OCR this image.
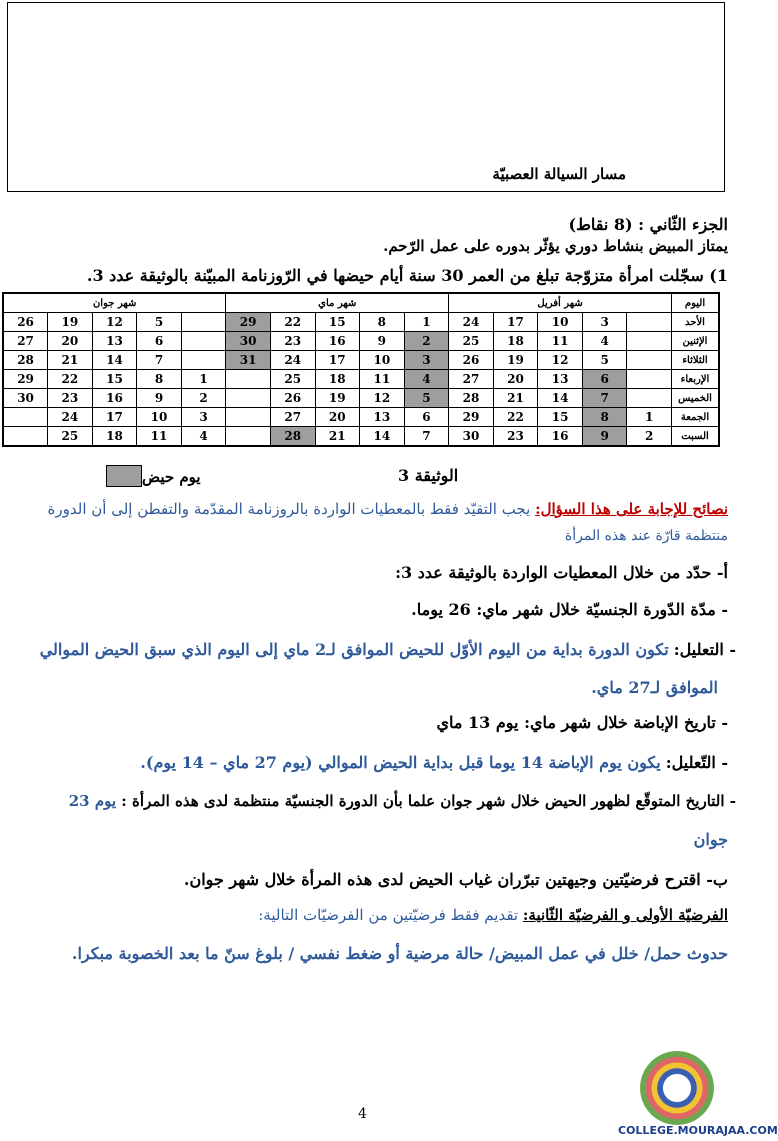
مسار السيالة العصبيّة
الجزء الثّاني : (8 نقاط)
يمتاز المبيض بنشاط دوري يؤثّر بدوره على عمل الرّحم.
1) سجّلت امرأة متزوّجة تبلغ من العمر 30 سنة أيام حيضها في الرّوزنامة المبيّنة بالوثيقة عدد 3.
اليوم	شهر أفريل					شهر ماي					شهر جوان				
الأحد		3	10	17	24	1	8	15	22	29		5	12	19	26
الإثنين		4	11	18	25	2	9	16	23	30		6	13	20	27
الثلاثاء		5	12	19	26	3	10	17	24	31		7	14	21	28
الإربعاء		6	13	20	27	4	11	18	25		1	8	15	22	29
الخميس		7	14	21	28	5	12	19	26		2	9	16	23	30
الجمعة	1	8	15	22	29	6	13	20	27		3	10	17	24	
السبت	2	9	16	23	30	7	14	21	28		4	11	18	25	
الوثيقة 3
يوم حيض
نصائح للإجابة على هذا السؤال: يجب التقيّد فقط بالمعطيات الواردة بالروزنامة المقدّمة والتفطن إلى أن الدورة
منتظمة قارّة عند هذه المرأة
أ- حدّد من خلال المعطيات الواردة بالوثيقة عدد 3:
- مدّة الدّورة الجنسيّة خلال شهر ماي: 26 يوما.
- التعليل: تكون الدورة بداية من اليوم الأوّل للحيض الموافق لـ2 ماي إلى اليوم الذي سبق الحيض الموالي
الموافق لـ27 ماي.
- تاريخ الإباضة خلال شهر ماي: يوم 13 ماي
- التّعليل: يكون يوم الإباضة 14 يوما قبل بداية الحيض الموالي (يوم 27 ماي – 14 يوم).
- التاريخ المتوقّع لظهور الحيض خلال شهر جوان علما بأن الدورة الجنسيّة منتظمة لدى هذه المرأة : يوم 23
جوان
ب- اقترح فرضيّتين وجيهتين تبرّران غياب الحيض لدى هذه المرأة خلال شهر جوان.
الفرضيّة الأولى و الفرضيّة الثّانية: تقديم فقط فرضيّتين من الفرضيّات التالية:
حدوث حمل/ خلل في عمل المبيض/ حالة مرضية أو ضغط نفسي / بلوغ سنّ ما بعد الخصوبة مبكرا.
4
COLLEGE.MOURAJAA.COM
